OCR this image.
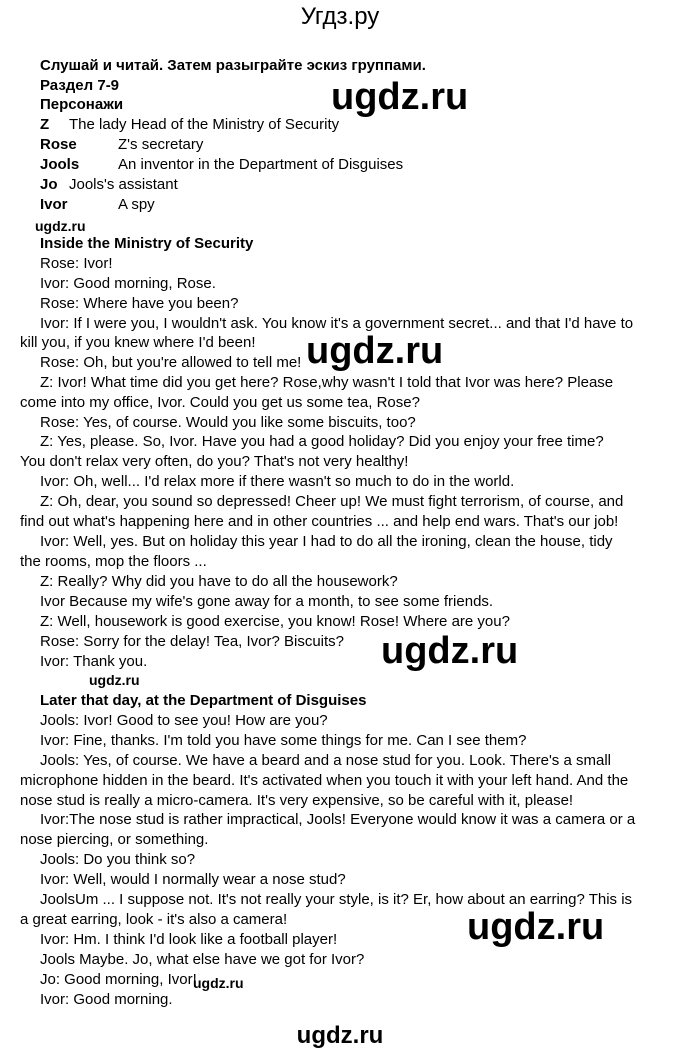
Угдз.ру
Слушай и читай. Затем разыграйте эскиз группами.
Раздел 7-9
Персонажи
Z The lady Head of the Ministry of Security
Rose	Z's secretary
Jools	An inventor in the Department of Disguises
Jo Jools's assistant
Ivor	A spy
Inside the Ministry of Security
Rose: Ivor!
Ivor: Good morning, Rose.
Rose: Where have you been?
Ivor: If I were you, I wouldn't ask. You know it's a government secret... and that I'd have to
kill you, if you knew where I'd been!
Rose: Oh, but you're allowed to tell me!
Z: Ivor! What time did you get here? Rose,why wasn't I told that Ivor was here? Please
come into my office, Ivor. Could you get us some tea, Rose?
Rose: Yes, of course. Would you like some biscuits, too?
Z: Yes, please. So, Ivor. Have you had a good holiday? Did you enjoy your free time?
You don't relax very often, do you? That's not very healthy!
Ivor: Oh, well... I'd relax more if there wasn't so much to do in the world.
Z: Oh, dear, you sound so depressed! Cheer up! We must fight terrorism, of course, and
find out what's happening here and in other countries ... and help end wars. That's our job!
Ivor: Well, yes. But on holiday this year I had to do all the ironing, clean the house, tidy
the rooms, mop the floors ...
Z: Really? Why did you have to do all the housework?
Ivor Because my wife's gone away for a month, to see some friends.
Z: Well, housework is good exercise, you know! Rose! Where are you?
Rose: Sorry for the delay! Tea, Ivor? Biscuits?
Ivor: Thank you.
Later that day, at the Department of Disguises
Jools: Ivor! Good to see you! How are you?
Ivor: Fine, thanks. I'm told you have some things for me. Can I see them?
Jools: Yes, of course. We have a beard and a nose stud for you. Look. There's a small
microphone hidden in the beard. It's activated when you touch it with your left hand. And the
nose stud is really a micro-camera. It's very expensive, so be careful with it, please!
Ivor:The nose stud is rather impractical, Jools! Everyone would know it was a camera or a
nose piercing, or something.
Jools: Do you think so?
Ivor: Well, would I normally wear a nose stud?
JoolsUm ... I suppose not. It's not really your style, is it? Er, how about an earring? This is
a great earring, look - it's also a camera!
Ivor: Hm. I think I'd look like a football player!
Jools Maybe. Jo, what else have we got for Ivor?
Jo: Good morning, Ivor!
Ivor: Good morning.
ugdz.ru
ugdz.ru
ugdz.ru
ugdz.ru
ugdz.ru
ugdz.ru
ugdz.ru
ugdz.ru
